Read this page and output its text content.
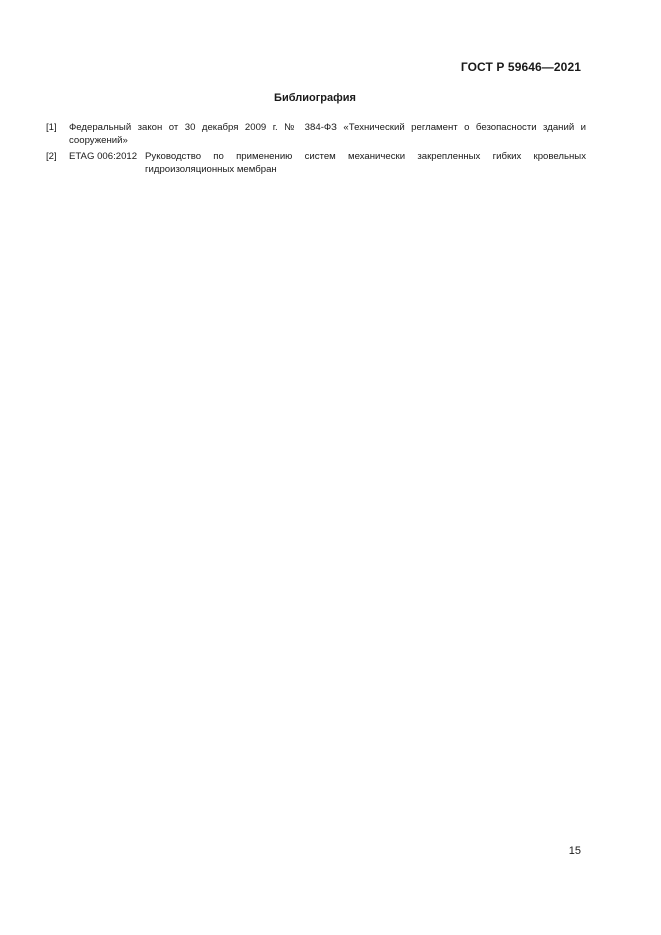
ГОСТ Р 59646—2021
Библиография
[1] Федеральный закон от 30 декабря 2009 г. № 384-ФЗ «Технический регламент о безопасности зданий и сооружений»
[2] ETAG 006:2012 Руководство по применению систем механически закрепленных гибких кровельных гидроизоляционных мембран
15
